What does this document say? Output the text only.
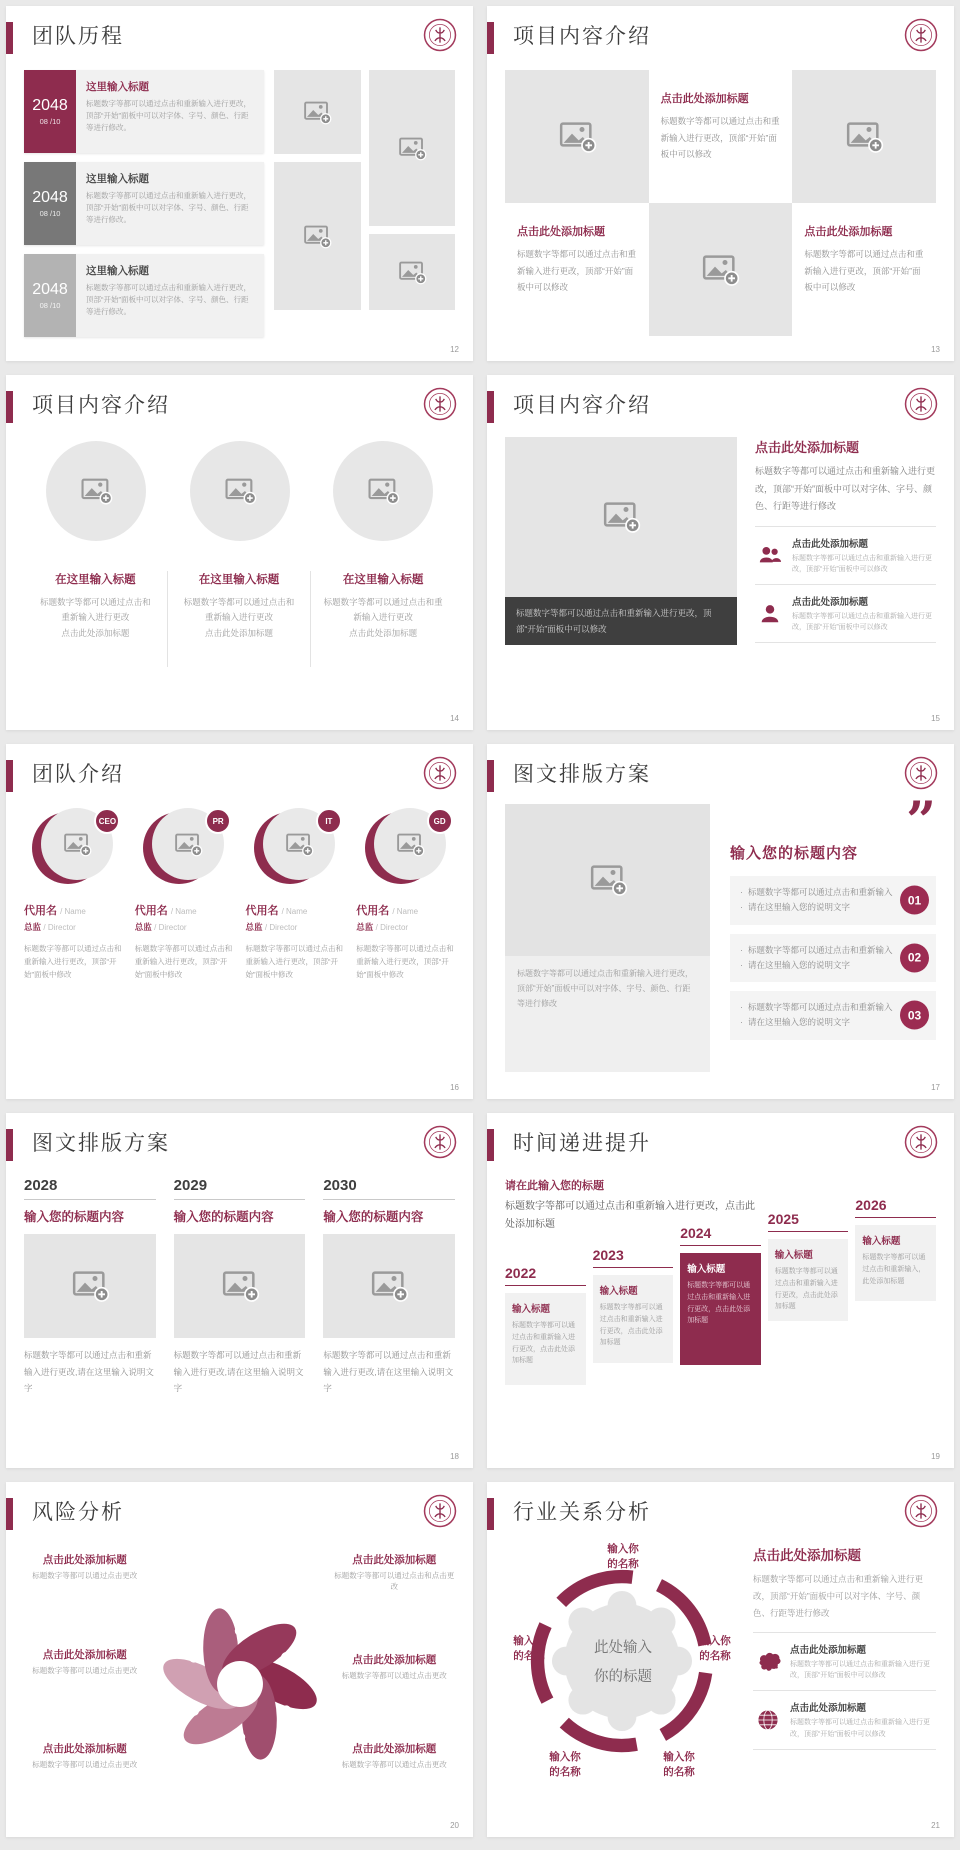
团队历程
2048
08 /10
这里输入标题
标题数字等都可以通过点击和重新输入进行更改，顶部“开始”面板中可以对字体、字号、颜色、行距等进行修改。
2048
08 /10
这里输入标题
标题数字等都可以通过点击和重新输入进行更改，顶部“开始”面板中可以对字体、字号、颜色、行距等进行修改。
2048
08 /10
这里输入标题
标题数字等都可以通过点击和重新输入进行更改，顶部“开始”面板中可以对字体、字号、颜色、行距等进行修改。
12
项目内容介绍
点击此处添加标题
标题数字等都可以通过点击和重新输入进行更改，顶部“开始”面板中可以修改
点击此处添加标题
标题数字等都可以通过点击和重新输入进行更改，顶部“开始”面板中可以修改
点击此处添加标题
标题数字等都可以通过点击和重新输入进行更改，顶部“开始”面板中可以修改
13
项目内容介绍
在这里输入标题
标题数字等都可以通过点击和重新输入进行更改
点击此处添加标题
在这里输入标题
标题数字等都可以通过点击和重新输入进行更改
点击此处添加标题
在这里输入标题
标题数字等都可以通过点击和重新输入进行更改
点击此处添加标题
14
项目内容介绍
标题数字等都可以通过点击和重新输入进行更改，顶部“开始”面板中可以修改
点击此处添加标题
标题数字等都可以通过点击和重新输入进行更改，顶部“开始”面板中可以对字体、字号、颜色、行距等进行修改
点击此处添加标题
标题数字等都可以通过点击和重新输入进行更改，顶部“开始”面板中可以修改
点击此处添加标题
标题数字等都可以通过点击和重新输入进行更改，顶部“开始”面板中可以修改
15
团队介绍
CEO
代用名 / Name
总监 / Director
标题数字等都可以通过点击和重新输入进行更改，顶部“开始”面板中修改
PR
代用名 / Name
总监 / Director
标题数字等都可以通过点击和重新输入进行更改，顶部“开始”面板中修改
IT
代用名 / Name
总监 / Director
标题数字等都可以通过点击和重新输入进行更改，顶部“开始”面板中修改
GD
代用名 / Name
总监 / Director
标题数字等都可以通过点击和重新输入进行更改，顶部“开始”面板中修改
16
图文排版方案
标题数字等都可以通过点击和重新输入进行更改，顶部“开始”面板中可以对字体、字号、颜色、行距等进行修改
”
输入您的标题内容
· 标题数字等都可以通过点击和重新输入
· 请在这里输入您的说明文字	01
· 标题数字等都可以通过点击和重新输入
· 请在这里输入您的说明文字	02
· 标题数字等都可以通过点击和重新输入
· 请在这里输入您的说明文字	03
17
图文排版方案
2028
输入您的标题内容
标题数字等都可以通过点击和重新输入进行更改,请在这里输入说明文字
2029
输入您的标题内容
标题数字等都可以通过点击和重新输入进行更改,请在这里输入说明文字
2030
输入您的标题内容
标题数字等都可以通过点击和重新输入进行更改,请在这里输入说明文字
18
时间递进提升
请在此输入您的标题
标题数字等都可以通过点击和重新输入进行更改，点击此处添加标题
2022
输入标题
标题数字等都可以通过点击和重新输入进行更改，点击此处添加标题
2023
输入标题
标题数字等都可以通过点击和重新输入进行更改，点击此处添加标题
2024
输入标题
标题数字等都可以通过点击和重新输入进行更改，点击此处添加标题
2025
输入标题
标题数字等都可以通过点击和重新输入进行更改，点击此处添加标题
2026
输入标题
标题数字等都可以通过点击和重新输入，此处添加标题
19
风险分析
点击此处添加标题
标题数字等都可以通过点击更改
点击此处添加标题
标题数字等都可以通过点击更改
点击此处添加标题
标题数字等都可以通过点击更改
点击此处添加标题
标题数字等都可以通过点击和点击更改
点击此处添加标题
标题数字等都可以通过点击更改
点击此处添加标题
标题数字等都可以通过点击更改
20
行业关系分析
此处输入
你的标题
输入你
的名称
输入你
的名称
输入你
的名称
输入你
的名称
输入你
的名称
点击此处添加标题
标题数字等都可以通过点击和重新输入进行更改，顶部“开始”面板中可以对字体、字号、颜色、行距等进行修改
点击此处添加标题
标题数字等都可以通过点击和重新输入进行更改，顶部“开始”面板中可以修改
点击此处添加标题
标题数字等都可以通过点击和重新输入进行更改，顶部“开始”面板中可以修改
21
